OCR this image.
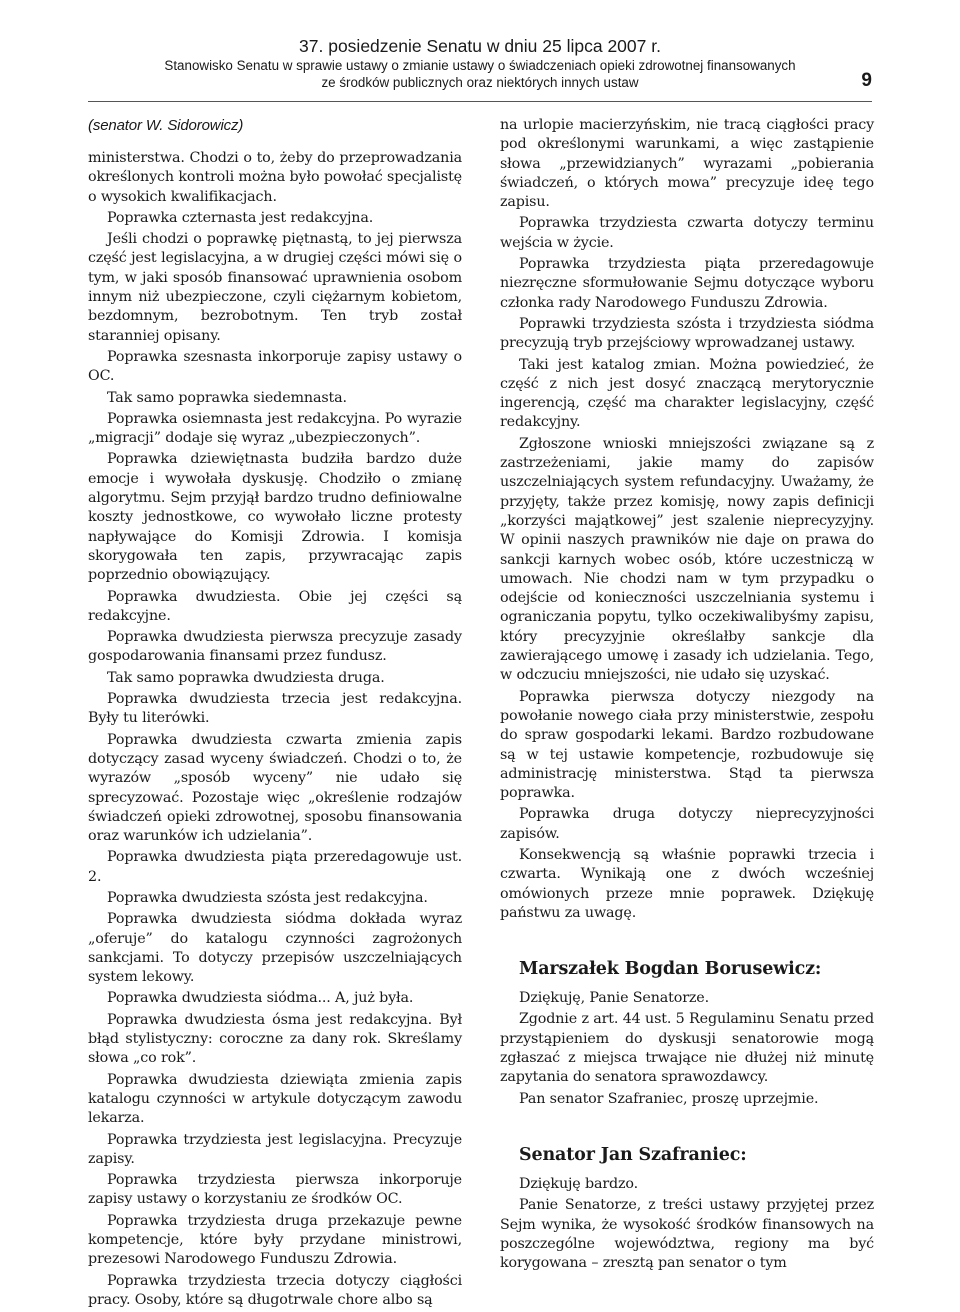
37. posiedzenie Senatu w dniu 25 lipca 2007 r.
Stanowisko Senatu w sprawie ustawy o zmianie ustawy o świadczeniach opieki zdrowotnej finansowanych
ze środków publicznych oraz niektórych innych ustaw	9
(senator W. Sidorowicz)

ministerstwa. Chodzi o to, żeby do przeprowadzania określonych kontroli można było powołać specjalistę o wysokich kwalifikacjach.

Poprawka czternasta jest redakcyjna.

Jeśli chodzi o poprawkę piętnastą, to jej pierwsza część jest legislacyjna, a w drugiej części mówi się o tym, w jaki sposób finansować uprawnienia osobom innym niż ubezpieczone, czyli ciężarnym kobietom, bezdomnym, bezrobotnym. Ten tryb został staranniej opisany.

Poprawka szesnasta inkorporuje zapisy ustawy o OC.

Tak samo poprawka siedemnasta.

Poprawka osiemnasta jest redakcyjna. Po wyrazie „migracji” dodaje się wyraz „ubezpieczonych”.

Poprawka dziewiętnasta budziła bardzo duże emocje i wywołała dyskusję. Chodziło o zmianę algorytmu. Sejm przyjął bardzo trudno definiowalne koszty jednostkowe, co wywołało liczne protesty napływające do Komisji Zdrowia. I komisja skorygowała ten zapis, przywracając zapis poprzednio obowiązujący.

Poprawka dwudziesta. Obie jej części są redakcyjne.

Poprawka dwudziesta pierwsza precyzuje zasady gospodarowania finansami przez fundusz.

Tak samo poprawka dwudziesta druga.

Poprawka dwudziesta trzecia jest redakcyjna. Były tu literówki.

Poprawka dwudziesta czwarta zmienia zapis dotyczący zasad wyceny świadczeń. Chodzi o to, że wyrazów „sposób wyceny” nie udało się sprecyzować. Pozostaje więc „określenie rodzajów świadczeń opieki zdrowotnej, sposobu finansowania oraz warunków ich udzielania”.

Poprawka dwudziesta piąta przeredagowuje ust. 2.

Poprawka dwudziesta szósta jest redakcyjna.

Poprawka dwudziesta siódma dokłada wyraz „oferuje” do katalogu czynności zagrożonych sankcjami. To dotyczy przepisów uszczelniających system lekowy.

Poprawka dwudziesta siódma... A, już była.

Poprawka dwudziesta ósma jest redakcyjna. Był błąd stylistyczny: coroczne za dany rok. Skreślamy słowa „co rok”.

Poprawka dwudziesta dziewiąta zmienia zapis katalogu czynności w artykule dotyczącym zawodu lekarza.

Poprawka trzydziesta jest legislacyjna. Precyzuje zapisy.

Poprawka trzydziesta pierwsza inkorporuje zapisy ustawy o korzystaniu ze środków OC.

Poprawka trzydziesta druga przekazuje pewne kompetencje, które były przydane ministrowi, prezesowi Narodowego Funduszu Zdrowia.

Poprawka trzydziesta trzecia dotyczy ciągłości pracy. Osoby, które są długotrwale chore albo są

na urlopie macierzyńskim, nie tracą ciągłości pracy pod określonymi warunkami, a więc zastąpienie słowa „przewidzianych” wyrazami „pobierania świadczeń, o których mowa” precyzuje ideę tego zapisu.

Poprawka trzydziesta czwarta dotyczy terminu wejścia w życie.

Poprawka trzydziesta piąta przeredagowuje niezręczne sformułowanie Sejmu dotyczące wyboru członka rady Narodowego Funduszu Zdrowia.

Poprawki trzydziesta szósta i trzydziesta siódma precyzują tryb przejściowy wprowadzanej ustawy.

Taki jest katalog zmian. Można powiedzieć, że część z nich jest dosyć znaczącą merytorycznie ingerencją, część ma charakter legislacyjny, część redakcyjny.

Zgłoszone wnioski mniejszości związane są z zastrzeżeniami, jakie mamy do zapisów uszczelniających system refundacyjny. Uważamy, że przyjęty, także przez komisję, nowy zapis definicji „korzyści majątkowej” jest szalenie nieprecyzyjny. W opinii naszych prawników nie daje on prawa do sankcji karnych wobec osób, które uczestniczą w umowach. Nie chodzi nam w tym przypadku o odejście od konieczności uszczelniania systemu i ograniczania popytu, tylko oczekiwalibyśmy zapisu, który precyzyjnie określałby sankcje dla zawierającego umowę i zasady ich udzielania. Tego, w odczuciu mniejszości, nie udało się uzyskać.

Poprawka pierwsza dotyczy niezgody na powołanie nowego ciała przy ministerstwie, zespołu do spraw gospodarki lekami. Bardzo rozbudowane są w tej ustawie kompetencje, rozbudowuje się administrację ministerstwa. Stąd ta pierwsza poprawka.

Poprawka druga dotyczy nieprecyzyjności zapisów.

Konsekwencją są właśnie poprawki trzecia i czwarta. Wynikają one z dwóch wcześniej omówionych przeze mnie poprawek. Dziękuję państwu za uwagę.

Marszałek Bogdan Borusewicz:

Dziękuję, Panie Senatorze.

Zgodnie z art. 44 ust. 5 Regulaminu Senatu przed przystąpieniem do dyskusji senatorowie mogą zgłaszać z miejsca trwające nie dłużej niż minutę zapytania do senatora sprawozdawcy.

Pan senator Szafraniec, proszę uprzejmie.

Senator Jan Szafraniec:

Dziękuję bardzo.

Panie Senatorze, z treści ustawy przyjętej przez Sejm wynika, że wysokość środków finansowych na poszczególne województwa, regiony ma być korygowana – zresztą pan senator o tym
